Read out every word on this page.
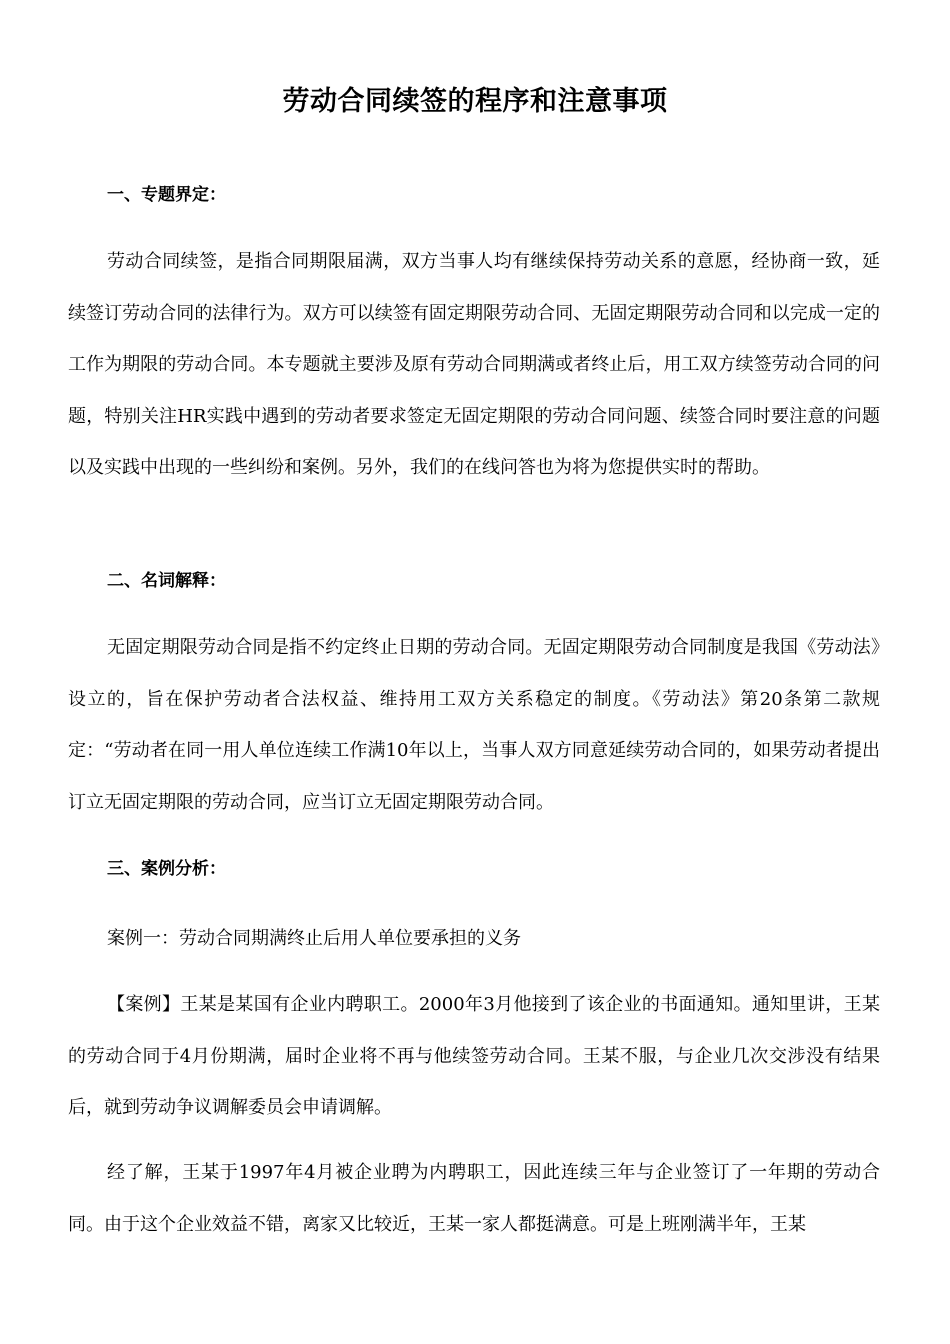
劳动合同续签的程序和注意事项
一、专题界定：
劳动合同续签，是指合同期限届满，双方当事人均有继续保持劳动关系的意愿，经协商一致，延续签订劳动合同的法律行为。双方可以续签有固定期限劳动合同、无固定期限劳动合同和以完成一定的工作为期限的劳动合同。本专题就主要涉及原有劳动合同期满或者终止后，用工双方续签劳动合同的问题，特别关注HR实践中遇到的劳动者要求签定无固定期限的劳动合同问题、续签合同时要注意的问题以及实践中出现的一些纠纷和案例。另外，我们的在线问答也为将为您提供实时的帮助。
二、名词解释：
无固定期限劳动合同是指不约定终止日期的劳动合同。无固定期限劳动合同制度是我国《劳动法》设立的，旨在保护劳动者合法权益、维持用工双方关系稳定的制度。《劳动法》第20条第二款规定：“劳动者在同一用人单位连续工作满10年以上，当事人双方同意延续劳动合同的，如果劳动者提出订立无固定期限的劳动合同，应当订立无固定期限劳动合同。
三、案例分析：
案例一：劳动合同期满终止后用人单位要承担的义务
【案例】王某是某国有企业内聘职工。2000年3月他接到了该企业的书面通知。通知里讲，王某的劳动合同于4月份期满，届时企业将不再与他续签劳动合同。王某不服，与企业几次交涉没有结果后，就到劳动争议调解委员会申请调解。
经了解，王某于1997年4月被企业聘为内聘职工，因此连续三年与企业签订了一年期的劳动合同。由于这个企业效益不错，离家又比较近，王某一家人都挺满意。可是上班刚满半年，王某
